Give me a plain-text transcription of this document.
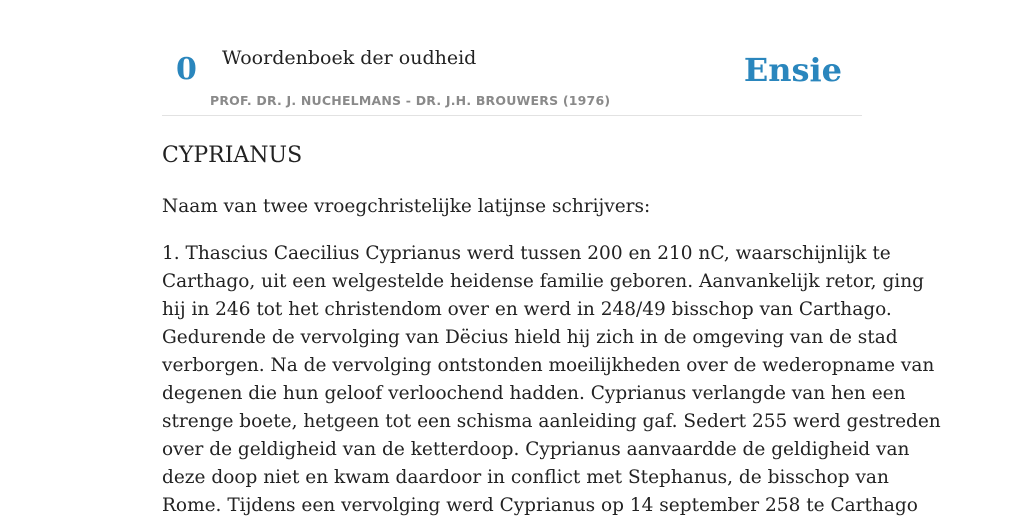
0 Woordenboek der oudheid
PROF. DR. J. NUCHELMANS - DR. J.H. BROUWERS (1976)
Ensie
CYPRIANUS

Naam van twee vroegchristelijke latijnse schrijvers:

1. Thascius Caecilius Cyprianus werd tussen 200 en 210 nC, waarschijnlijk te
Carthago, uit een welgestelde heidense familie geboren. Aanvankelijk retor, ging
hij in 246 tot het christendom over en werd in 248/49 bisschop van Carthago.
Gedurende de vervolging van Dëcius hield hij zich in de omgeving van de stad
verborgen. Na de vervolging ontstonden moeilijkheden over de wederopname van
degenen die hun geloof verloochend hadden. Cyprianus verlangde van hen een
strenge boete, hetgeen tot een schisma aanleiding gaf. Sedert 255 werd gestreden
over de geldigheid van de ketterdoop. Cyprianus aanvaardde de geldigheid van
deze doop niet en kwam daardoor in conflict met Stephanus, de bisschop van
Rome. Tijdens een vervolging werd Cyprianus op 14 september 258 te Carthago
